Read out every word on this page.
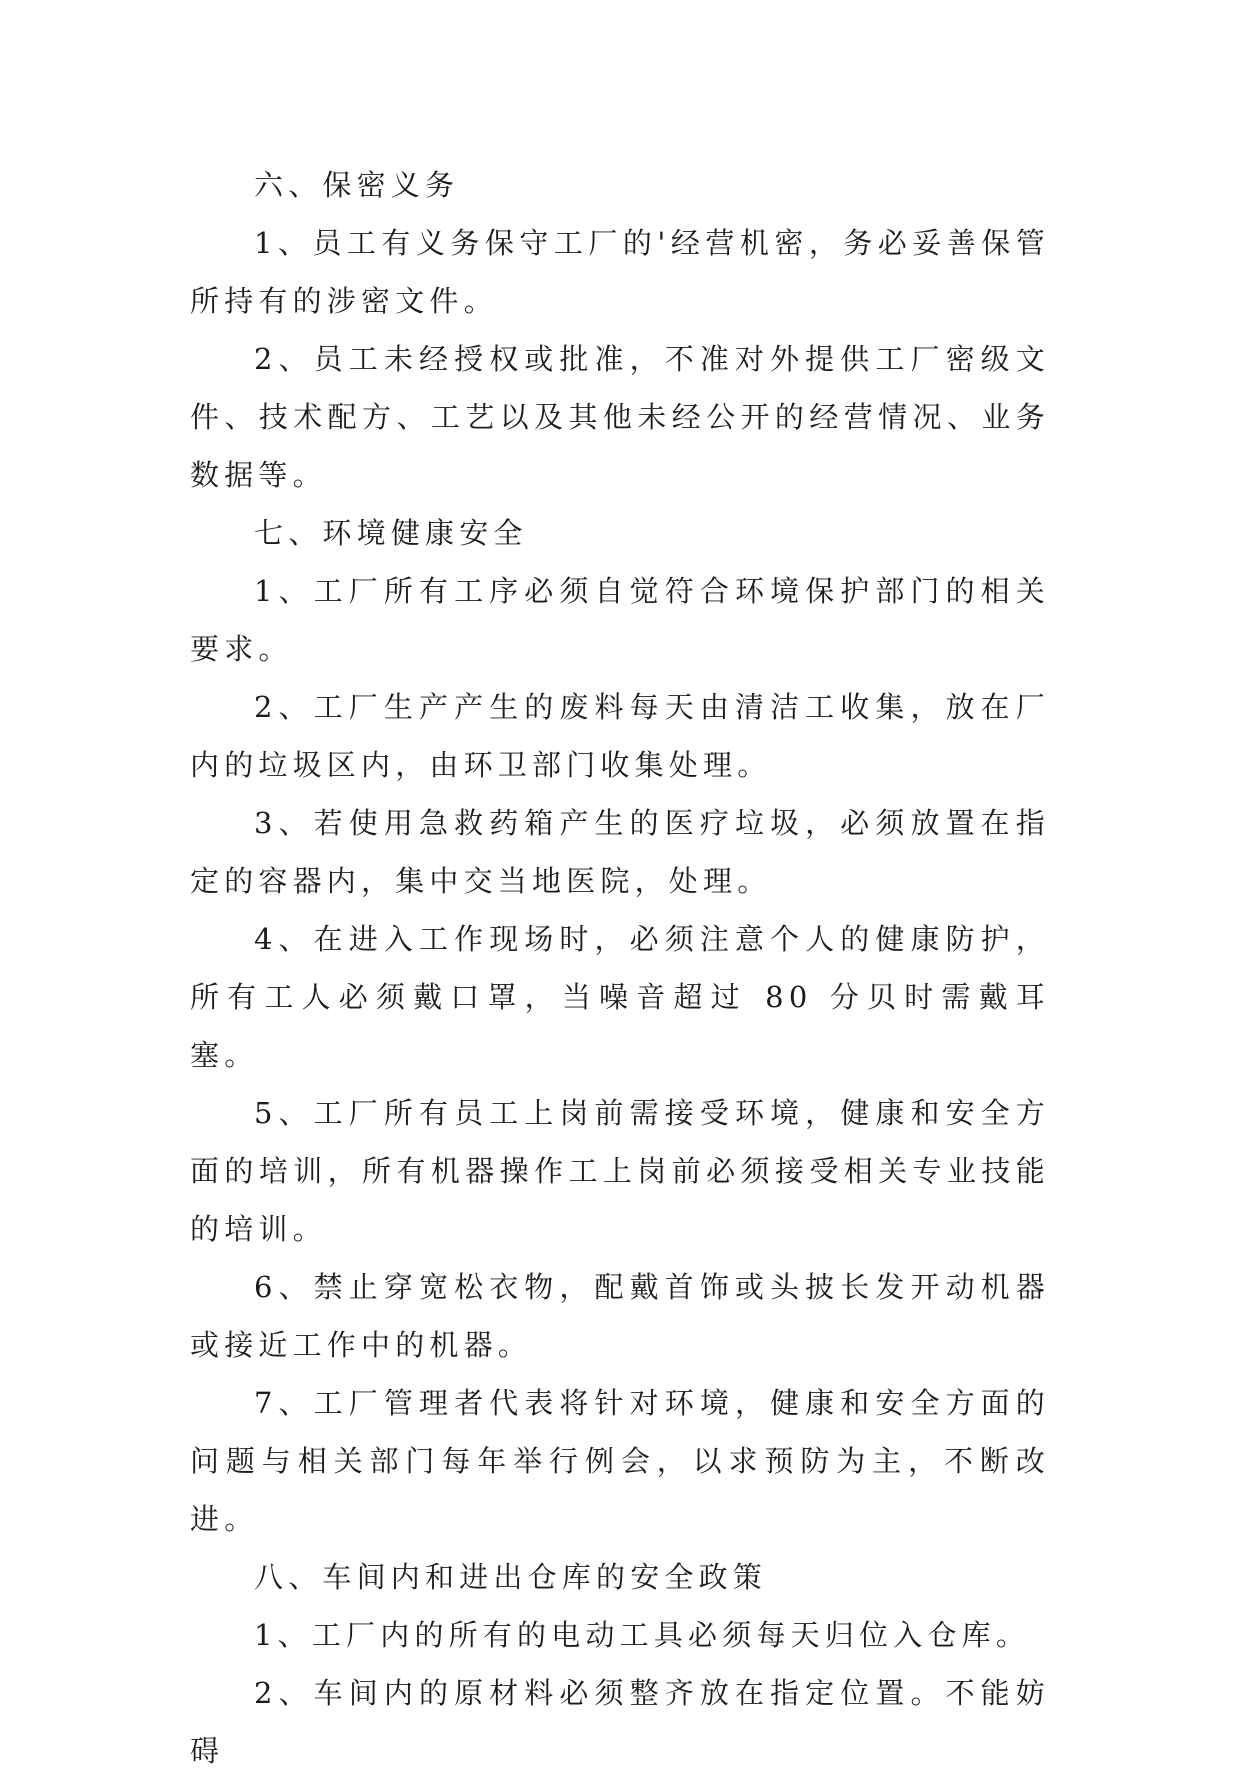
六、保密义务

1、员工有义务保守工厂的'经营机密，务必妥善保管所持有的涉密文件。

2、员工未经授权或批准，不准对外提供工厂密级文件、技术配方、工艺以及其他未经公开的经营情况、业务数据等。

七、环境健康安全

1、工厂所有工序必须自觉符合环境保护部门的相关要求。

2、工厂生产产生的废料每天由清洁工收集，放在厂内的垃圾区内，由环卫部门收集处理。

3、若使用急救药箱产生的医疗垃圾，必须放置在指定的容器内，集中交当地医院，处理。

4、在进入工作现场时，必须注意个人的健康防护，所有工人必须戴口罩，当噪音超过 80 分贝时需戴耳塞。

5、工厂所有员工上岗前需接受环境，健康和安全方面的培训，所有机器操作工上岗前必须接受相关专业技能的培训。

6、禁止穿宽松衣物，配戴首饰或头披长发开动机器或接近工作中的机器。

7、工厂管理者代表将针对环境，健康和安全方面的问题与相关部门每年举行例会，以求预防为主，不断改进。

八、车间内和进出仓库的安全政策

1、工厂内的所有的电动工具必须每天归位入仓库。

2、车间内的原材料必须整齐放在指定位置。不能妨碍
